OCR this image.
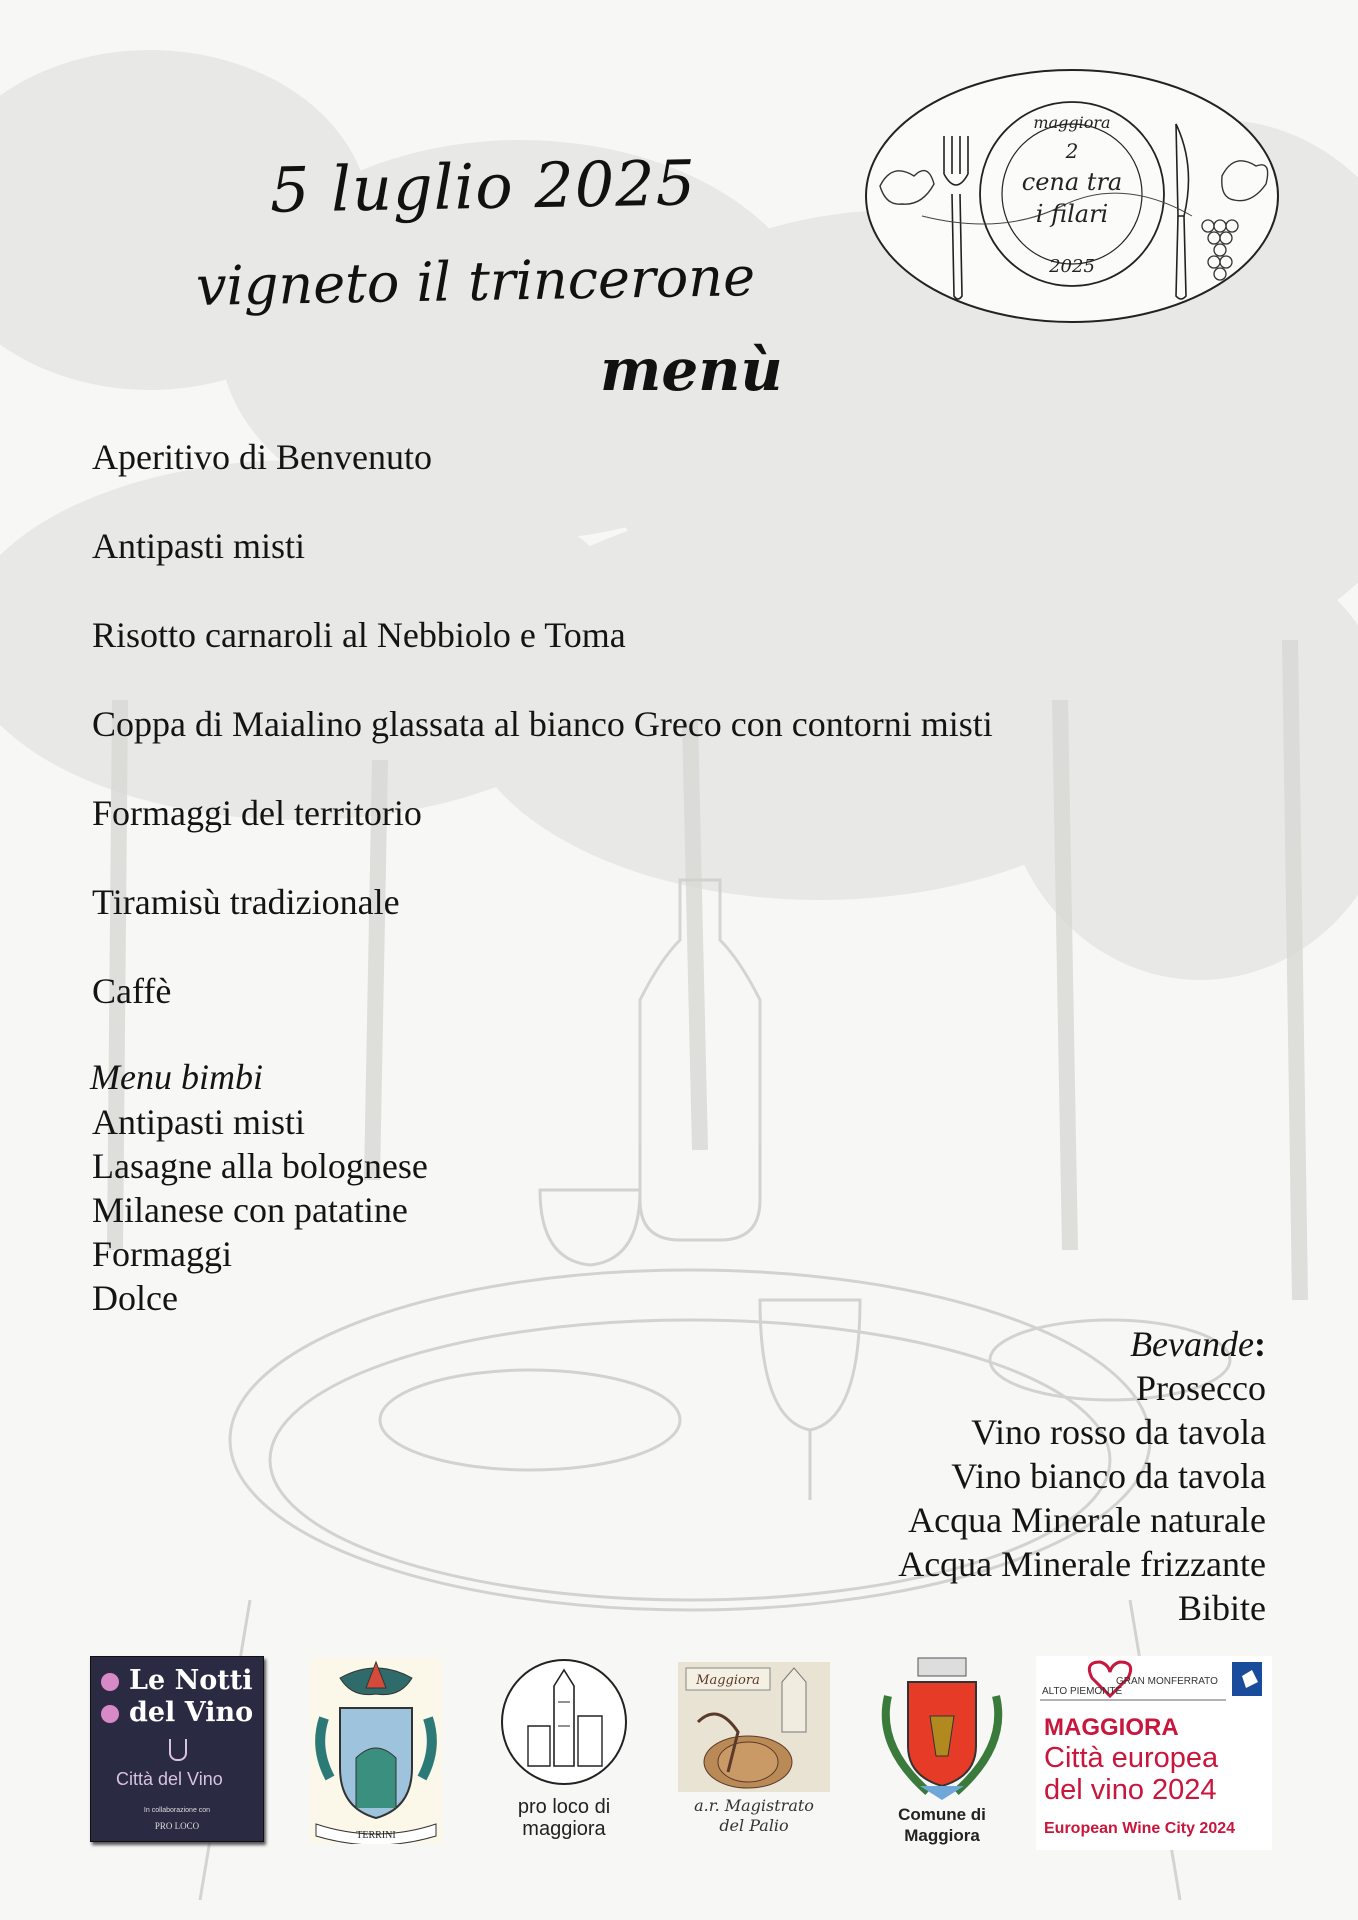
5 luglio 2025
vigneto il trincerone
menù
maggiora
2
cena tra
i filari
2025
Aperitivo di Benvenuto
Antipasti misti
Risotto carnaroli al Nebbiolo e Toma
Coppa di Maialino glassata al bianco Greco con contorni misti
Formaggi del territorio
Tiramisù tradizionale
Caffè
Menu bimbi
Antipasti misti
Lasagne alla bolognese
Milanese con patatine
Formaggi
Dolce
Bevande:
Prosecco
Vino rosso da tavola
Vino bianco da tavola
Acqua Minerale naturale
Acqua Minerale frizzante
Bibite
Le Notti
del Vino
Città del Vino
In collaborazione con
PRO LOCO
TERRINI
pro loco di
maggiora
Maggiora
a.r. Magistrato
del Palio
Comune di
Maggiora
ALTO PIEMONTE
GRAN MONFERRATO
MAGGIORA
Città europea
del vino 2024
European Wine City 2024
